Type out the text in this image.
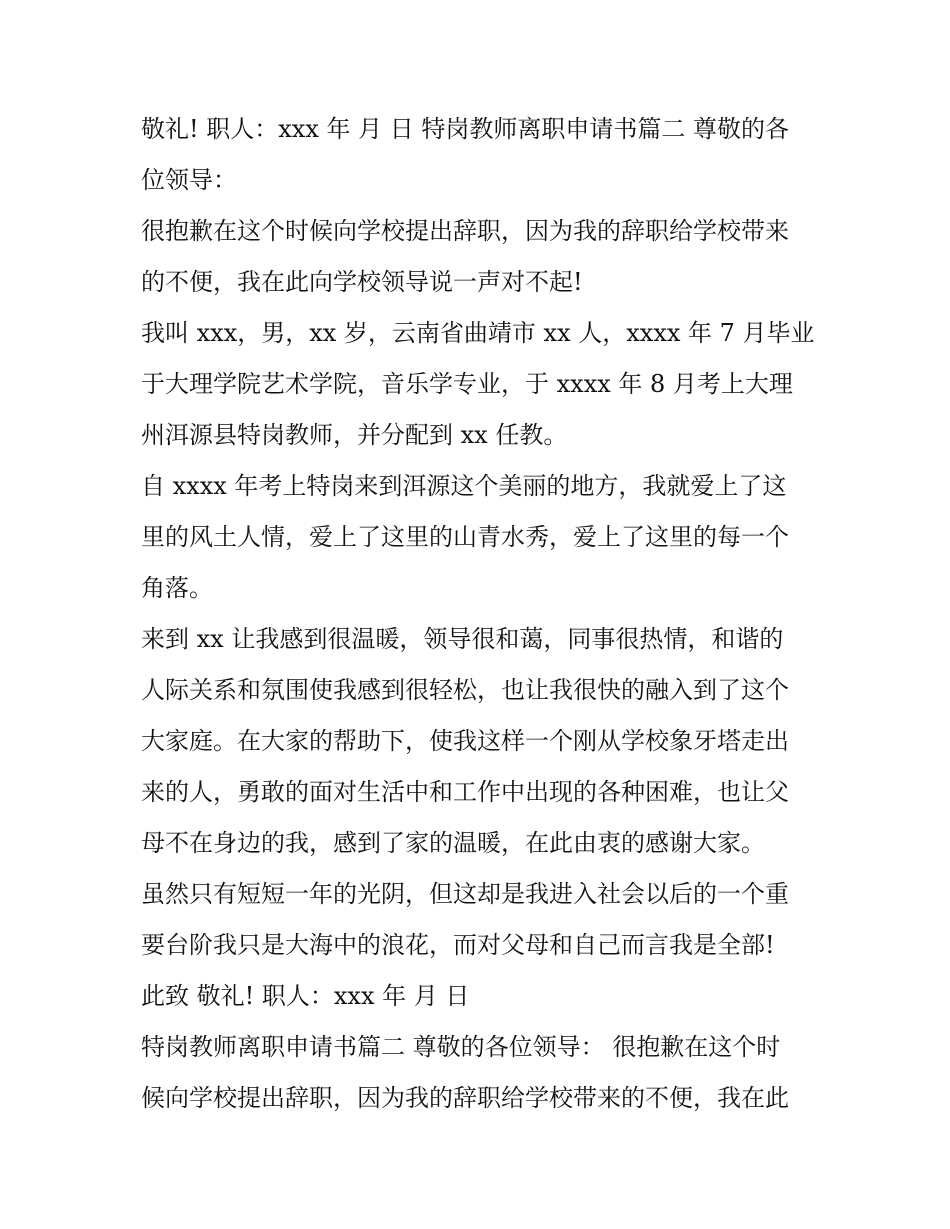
敬礼! 职人：xxx 年 月 日 特岗教师离职申请书篇二 尊敬的各
位领导：
很抱歉在这个时候向学校提出辞职，因为我的辞职给学校带来
的不便，我在此向学校领导说一声对不起!
我叫 xxx，男，xx 岁，云南省曲靖市 xx 人，xxxx 年 7 月毕业
于大理学院艺术学院，音乐学专业，于 xxxx 年 8 月考上大理
州洱源县特岗教师，并分配到 xx 任教。
自 xxxx 年考上特岗来到洱源这个美丽的地方，我就爱上了这
里的风土人情，爱上了这里的山青水秀，爱上了这里的每一个
角落。
来到 xx 让我感到很温暖，领导很和蔼，同事很热情，和谐的
人际关系和氛围使我感到很轻松，也让我很快的融入到了这个
大家庭。在大家的帮助下，使我这样一个刚从学校象牙塔走出
来的人，勇敢的面对生活中和工作中出现的各种困难，也让父
母不在身边的我，感到了家的温暖，在此由衷的感谢大家。
虽然只有短短一年的光阴，但这却是我进入社会以后的一个重
要台阶我只是大海中的浪花，而对父母和自己而言我是全部!
此致 敬礼! 职人：xxx 年 月 日
特岗教师离职申请书篇二 尊敬的各位领导： 很抱歉在这个时
候向学校提出辞职，因为我的辞职给学校带来的不便，我在此
